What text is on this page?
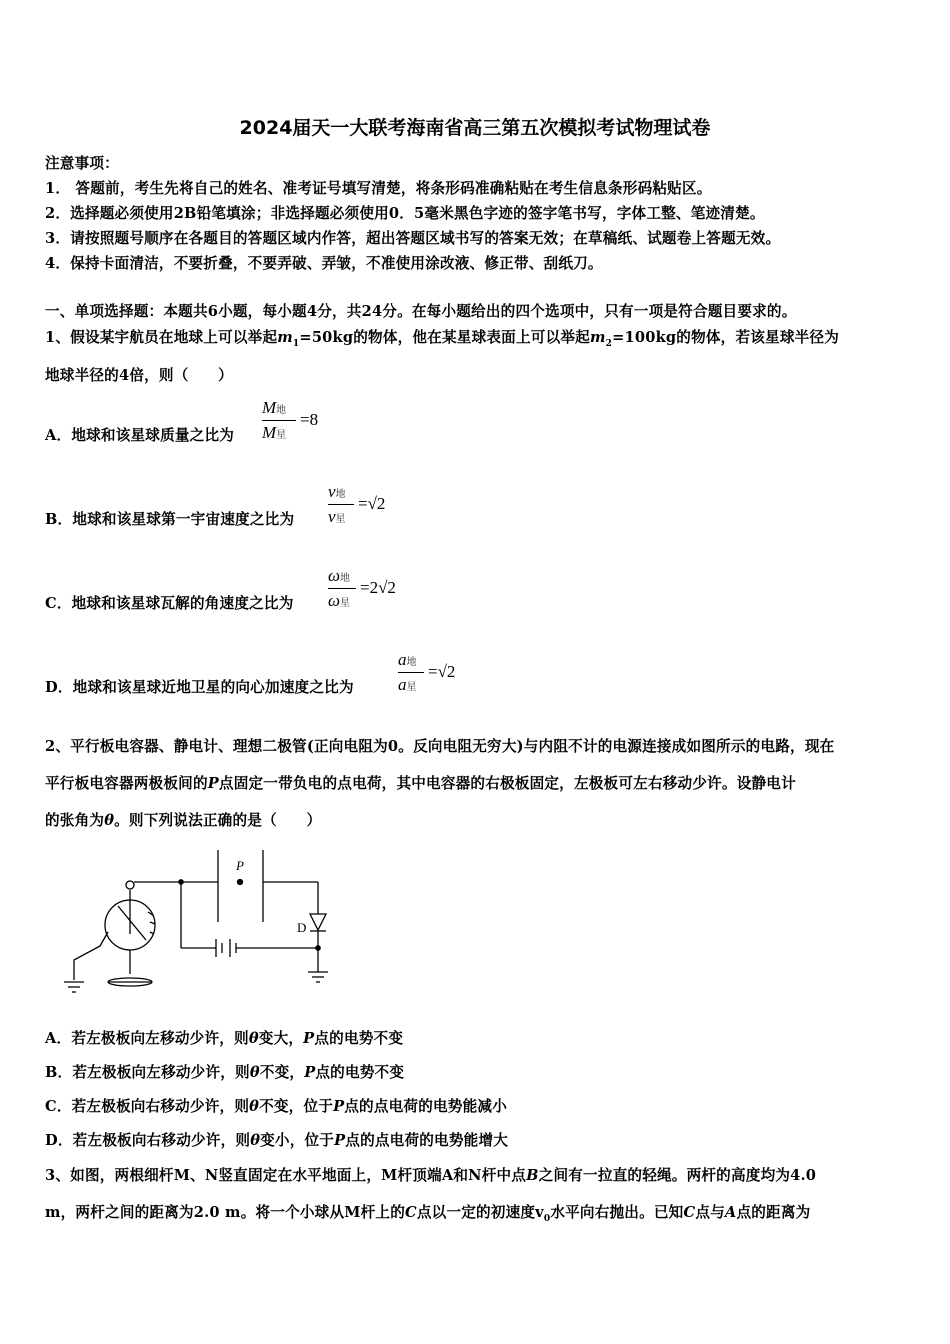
2024届天一大联考海南省高三第五次模拟考试物理试卷
注意事项：
1． 答题前，考生先将自己的姓名、准考证号填写清楚，将条形码准确粘贴在考生信息条形码粘贴区。
2．选择题必须使用2B铅笔填涂；非选择题必须使用0．5毫米黑色字迹的签字笔书写，字体工整、笔迹清楚。
3．请按照题号顺序在各题目的答题区域内作答，超出答题区域书写的答案无效；在草稿纸、试题卷上答题无效。
4．保持卡面清洁，不要折叠，不要弄破、弄皱，不准使用涂改液、修正带、刮纸刀。
一、单项选择题：本题共6小题，每小题4分，共24分。在每小题给出的四个选项中，只有一项是符合题目要求的。
1、假设某宇航员在地球上可以举起$m_1=50kg$的物体，他在某星球表面上可以举起$m_2=100kg$的物体，若该星球半径为
地球半径的4倍，则（　　）
A．地球和该星球质量之比为
M地
M星
=8
B．地球和该星球第一宇宙速度之比为
v地
v星
=√2
C．地球和该星球瓦解的角速度之比为
ω地
ω星
=2√2
D．地球和该星球近地卫星的向心加速度之比为
a地
a星
=√2
2、平行板电容器、静电计、理想二极管(正向电阻为0。反向电阻无穷大)与内阻不计的电源连接成如图所示的电路，现在
平行板电容器两极板间的P点固定一带负电的点电荷，其中电容器的右极板固定，左极板可左右移动少许。设静电计
的张角为θ。则下列说法正确的是（　　）
P
D
A．若左极板向左移动少许，则θ变大，P点的电势不变
B．若左极板向左移动少许，则θ不变，P点的电势不变
C．若左极板向右移动少许，则θ不变，位于P点的点电荷的电势能减小
D．若左极板向右移动少许，则θ变小，位于P点的点电荷的电势能增大
3、如图，两根细杆M、N竖直固定在水平地面上，M杆顶端A和N杆中点B之间有一拉直的轻绳。两杆的高度均为4.0
m，两杆之间的距离为2.0 m。将一个小球从M杆上的C点以一定的初速度$v_0$水平向右抛出。已知C点与A点的距离为
